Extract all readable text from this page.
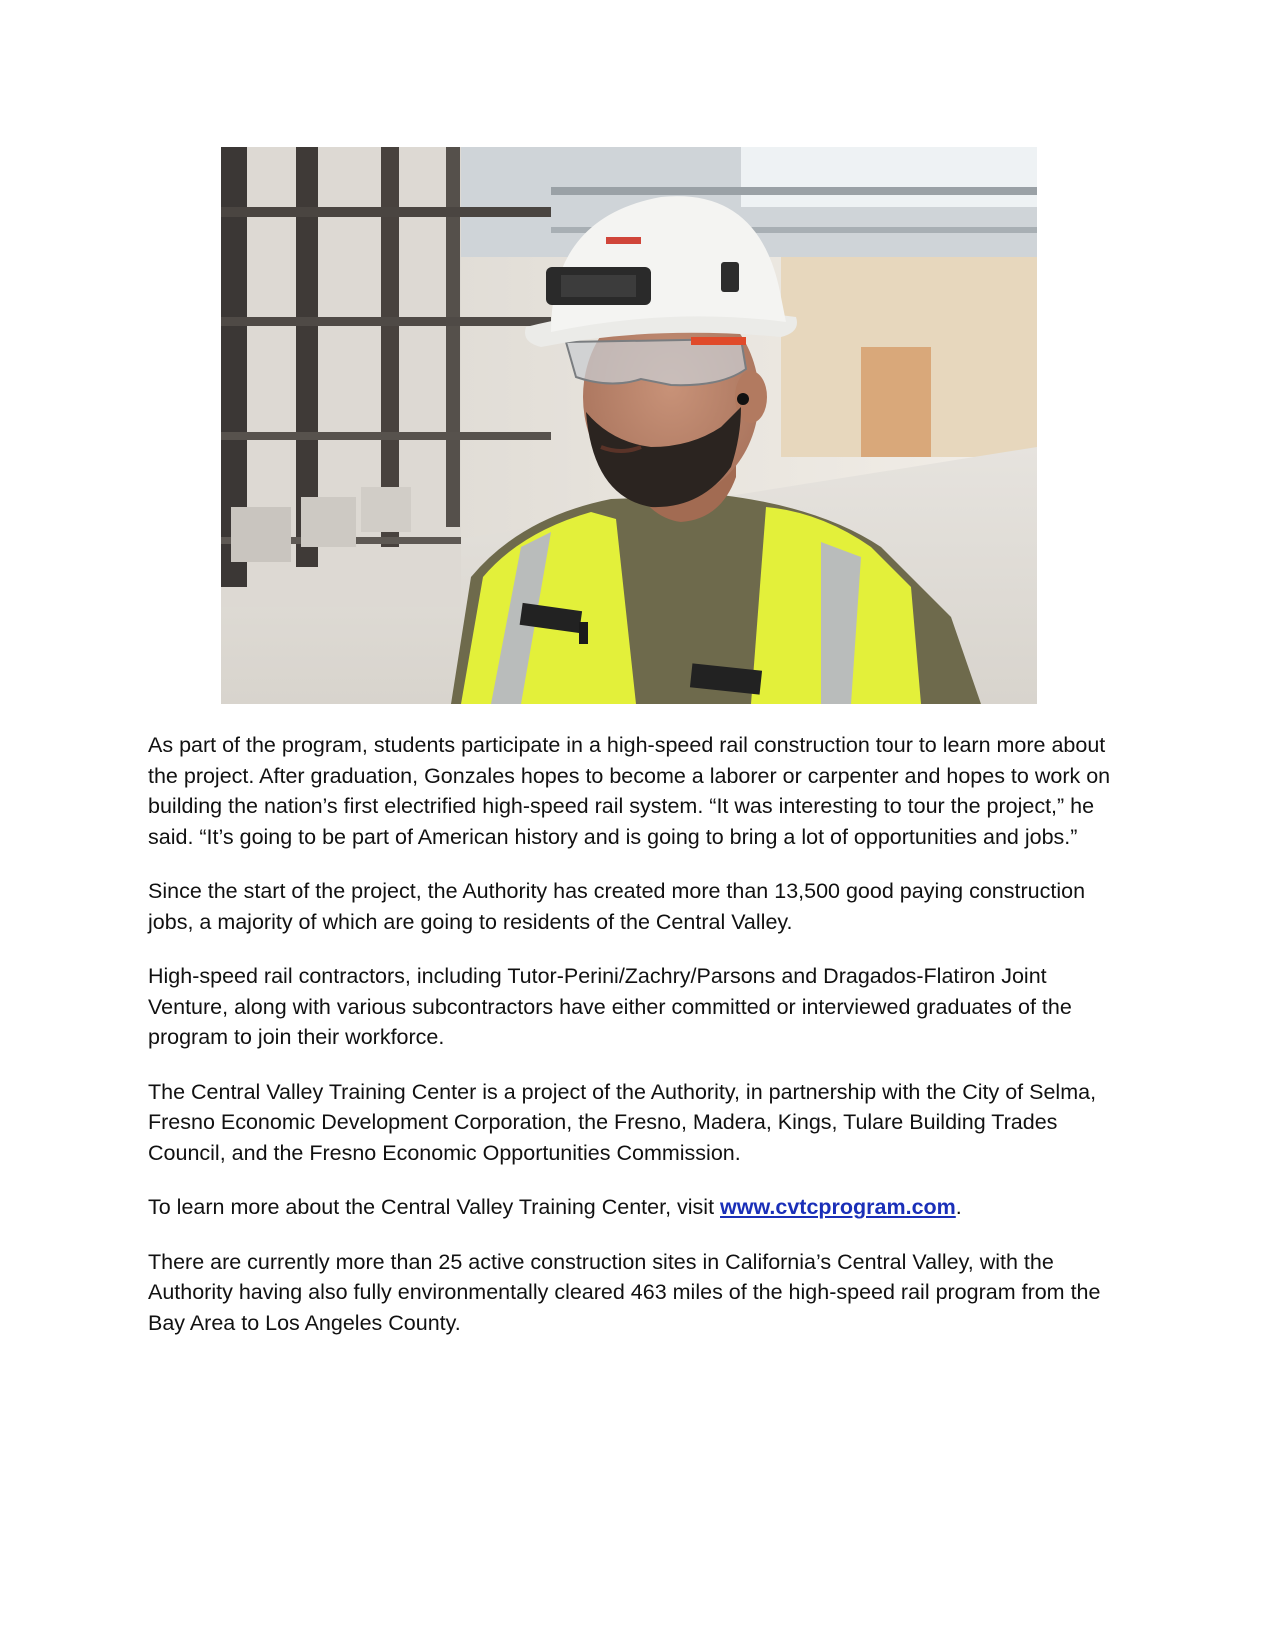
As part of the program, students participate in a high-speed rail construction tour to learn more about the project. After graduation, Gonzales hopes to become a laborer or carpenter and hopes to work on building the nation’s first electrified high-speed rail system. “It was interesting to tour the project,” he said. “It’s going to be part of American history and is going to bring a lot of opportunities and jobs.”

Since the start of the project, the Authority has created more than 13,500 good paying construction jobs, a majority of which are going to residents of the Central Valley.

High-speed rail contractors, including Tutor-Perini/Zachry/Parsons and Dragados-Flatiron Joint Venture, along with various subcontractors have either committed or interviewed graduates of the program to join their workforce.

The Central Valley Training Center is a project of the Authority, in partnership with the City of Selma, Fresno Economic Development Corporation, the Fresno, Madera, Kings, Tulare Building Trades Council, and the Fresno Economic Opportunities Commission.

To learn more about the Central Valley Training Center, visit www.cvtcprogram.com.

There are currently more than 25 active construction sites in California’s Central Valley, with the Authority having also fully environmentally cleared 463 miles of the high-speed rail program from the Bay Area to Los Angeles County.
